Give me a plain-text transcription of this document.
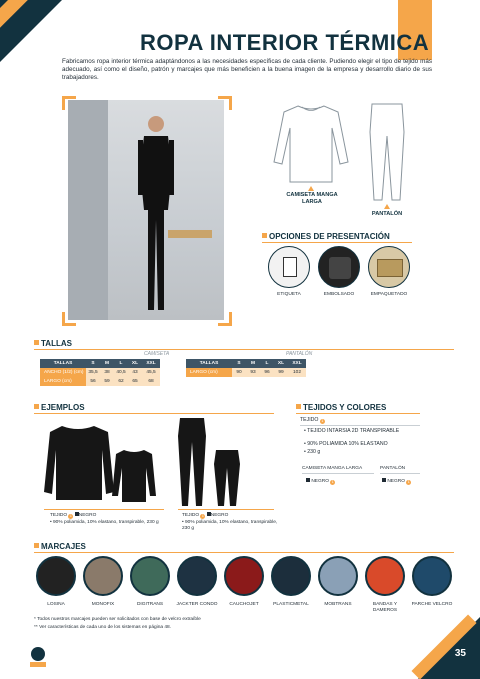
ROPA INTERIOR TÉRMICA

Fabricamos ropa interior térmica adaptándonos a las necesidades específicas de cada cliente. Pudiendo elegir el tipo de tejido más adecuado, así como el diseño, patrón y marcajes que más beneficien a la buena imagen de la empresa y desarrollo diario de sus trabajadores.

CAMISETA MANGA LARGA
PANTALÓN
OPCIONES DE PRESENTACIÓN
ETIQUETA	EMBOLSADO	EMPAQUETADO
TALLAS
CAMISETA
TALLAS	S	M	L	XL	XXL
ANCHO (1/2) (cm)	35,5	38	40,5	43	45,5
LARGO (cm)	56	59	62	65	68
PANTALÓN
TALLAS	S	M	L	XL	XXL
LARGO (cm)	90	93	96	99	102
EJEMPLOS
TEJIDO 1 NEGRO
• 90% poliamida, 10% elastano, transpirable, 230 g
TEJIDO 1 NEGRO
• 90% poliamida, 10% elastano, transpirable, 230 g
TEJIDOS Y COLORES
TEJIDO 1
• TEJIDO INTARSIA 2D TRANSPIRABLE
• 90% POLIAMIDA 10% ELASTANO
• 230 g
CAMISETA MANGA LARGA	PANTALÓN
NEGRO 1	NEGRO 1
MARCAJES
LOSINA	MONOFIX	DIGITRANS	JACKTER CONDO	CAUCHOJET	PLASTICMETAL	MOBTRANS	BANDAS Y DAMEROS
PARCHE VELCRO
* Todos nuestros marcajes pueden ser solicitados con base de velcro extraíble
** Ver características de cada uno de los sistemas en página 48.
35
